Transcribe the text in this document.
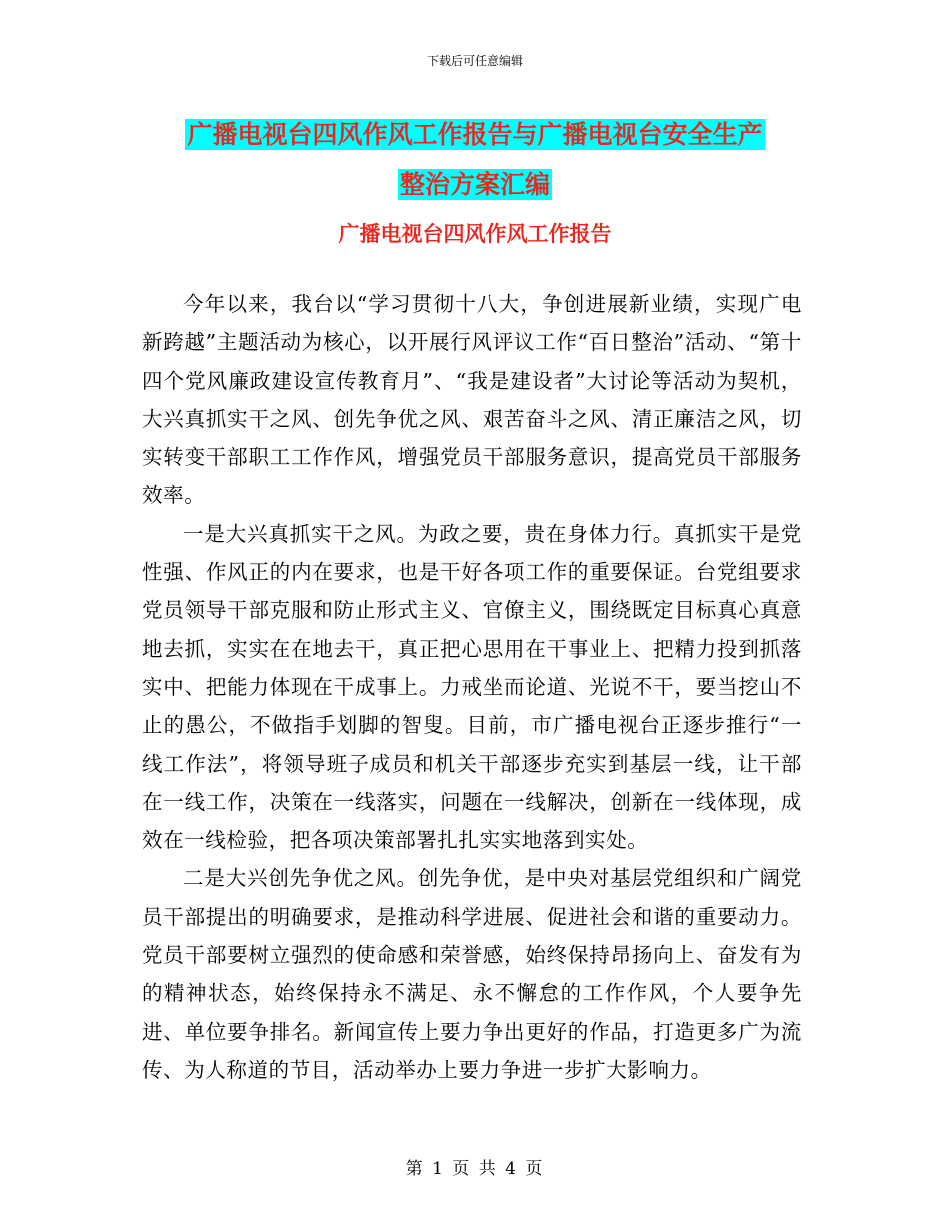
下载后可任意编辑
广播电视台四风作风工作报告与广播电视台安全生产
整治方案汇编
广播电视台四风作风工作报告

今年以来，我台以“学习贯彻十八大，争创进展新业绩，实现广电新跨越”主题活动为核心，以开展行风评议工作“百日整治”活动、“第十四个党风廉政建设宣传教育月”、“我是建设者”大讨论等活动为契机，大兴真抓实干之风、创先争优之风、艰苦奋斗之风、清正廉洁之风，切实转变干部职工工作作风，增强党员干部服务意识，提高党员干部服务效率。

一是大兴真抓实干之风。为政之要，贵在身体力行。真抓实干是党性强、作风正的内在要求，也是干好各项工作的重要保证。台党组要求党员领导干部克服和防止形式主义、官僚主义，围绕既定目标真心真意地去抓，实实在在地去干，真正把心思用在干事业上、把精力投到抓落实中、把能力体现在干成事上。力戒坐而论道、光说不干，要当挖山不止的愚公，不做指手划脚的智叟。目前，市广播电视台正逐步推行“一线工作法”，将领导班子成员和机关干部逐步充实到基层一线，让干部在一线工作，决策在一线落实，问题在一线解决，创新在一线体现，成效在一线检验，把各项决策部署扎扎实实地落到实处。

二是大兴创先争优之风。创先争优，是中央对基层党组织和广阔党员干部提出的明确要求，是推动科学进展、促进社会和谐的重要动力。党员干部要树立强烈的使命感和荣誉感，始终保持昂扬向上、奋发有为的精神状态，始终保持永不满足、永不懈怠的工作作风，个人要争先进、单位要争排名。新闻宣传上要力争出更好的作品，打造更多广为流传、为人称道的节目，活动举办上要力争进一步扩大影响力。

第 1 页 共 4 页
